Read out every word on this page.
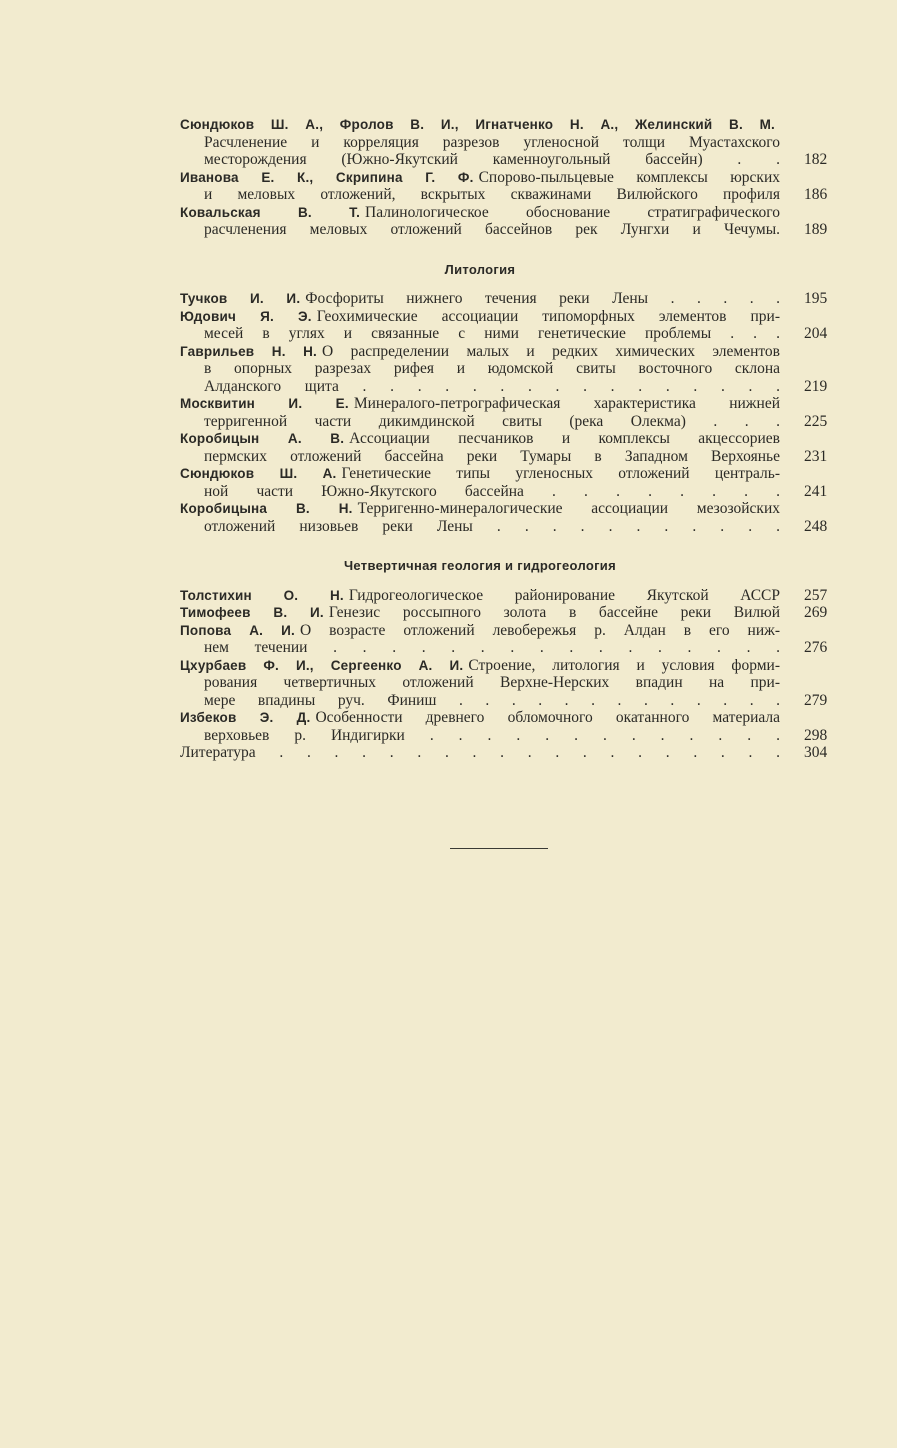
Сюндюков Ш. А., Фролов В. И., Игнатченко Н. А., Желинский В. М.
Расчленение и корреляция разрезов угленосной толщи Муастахского
месторождения (Южно-Якутский каменноугольный бассейн) . . 182
Иванова Е. К., Скрипина Г. Ф. Спорово-пыльцевые комплексы юрских
и меловых отложений, вскрытых скважинами Вилюйского профиля 186
Ковальская В. Т. Палинологическое обоснование стратиграфического
расчленения меловых отложений бассейнов рек Лунгхи и Чечумы. 189
Литология
Тучков И. И. Фосфориты нижнего течения реки Лены . . . . . 195
Юдович Я. Э. Геохимические ассоциации типоморфных элементов при-
месей в углях и связанные с ними генетические проблемы . . . 204
Гаврильев Н. Н. О распределении малых и редких химических элементов
в опорных разрезах рифея и юдомской свиты восточного склона
Алданского щита . . . . . . . . . . . . . . . . 219
Москвитин И. Е. Минералого-петрографическая характеристика нижней
терригенной части дикимдинской свиты (река Олекма) . . . 225
Коробицын А. В. Ассоциации песчаников и комплексы акцессориев
пермских отложений бассейна реки Тумары в Западном Верхоянье 231
Сюндюков Ш. А. Генетические типы угленосных отложений централь-
ной части Южно-Якутского бассейна . . . . . . . . 241
Коробицына В. Н. Терригенно-минералогические ассоциации мезозойских
отложений низовьев реки Лены . . . . . . . . . . . 248
Четвертичная геология и гидрогеология
Толстихин О. Н. Гидрогеологическое районирование Якутской АССР 257
Тимофеев В. И. Генезис россыпного золота в бассейне реки Вилюй 269
Попова А. И. О возрасте отложений левобережья р. Алдан в его ниж-
нем течении . . . . . . . . . . . . . . . . 276
Цхурбаев Ф. И., Сергеенко А. И. Строение, литология и условия форми-
рования четвертичных отложений Верхне-Нерских впадин на при-
мере впадины руч. Финиш . . . . . . . . . . . . . 279
Избеков Э. Д. Особенности древнего обломочного окатанного материала
верховьев р. Индигирки . . . . . . . . . . . . . 298
Литература . . . . . . . . . . . . . . . . . . . 304
